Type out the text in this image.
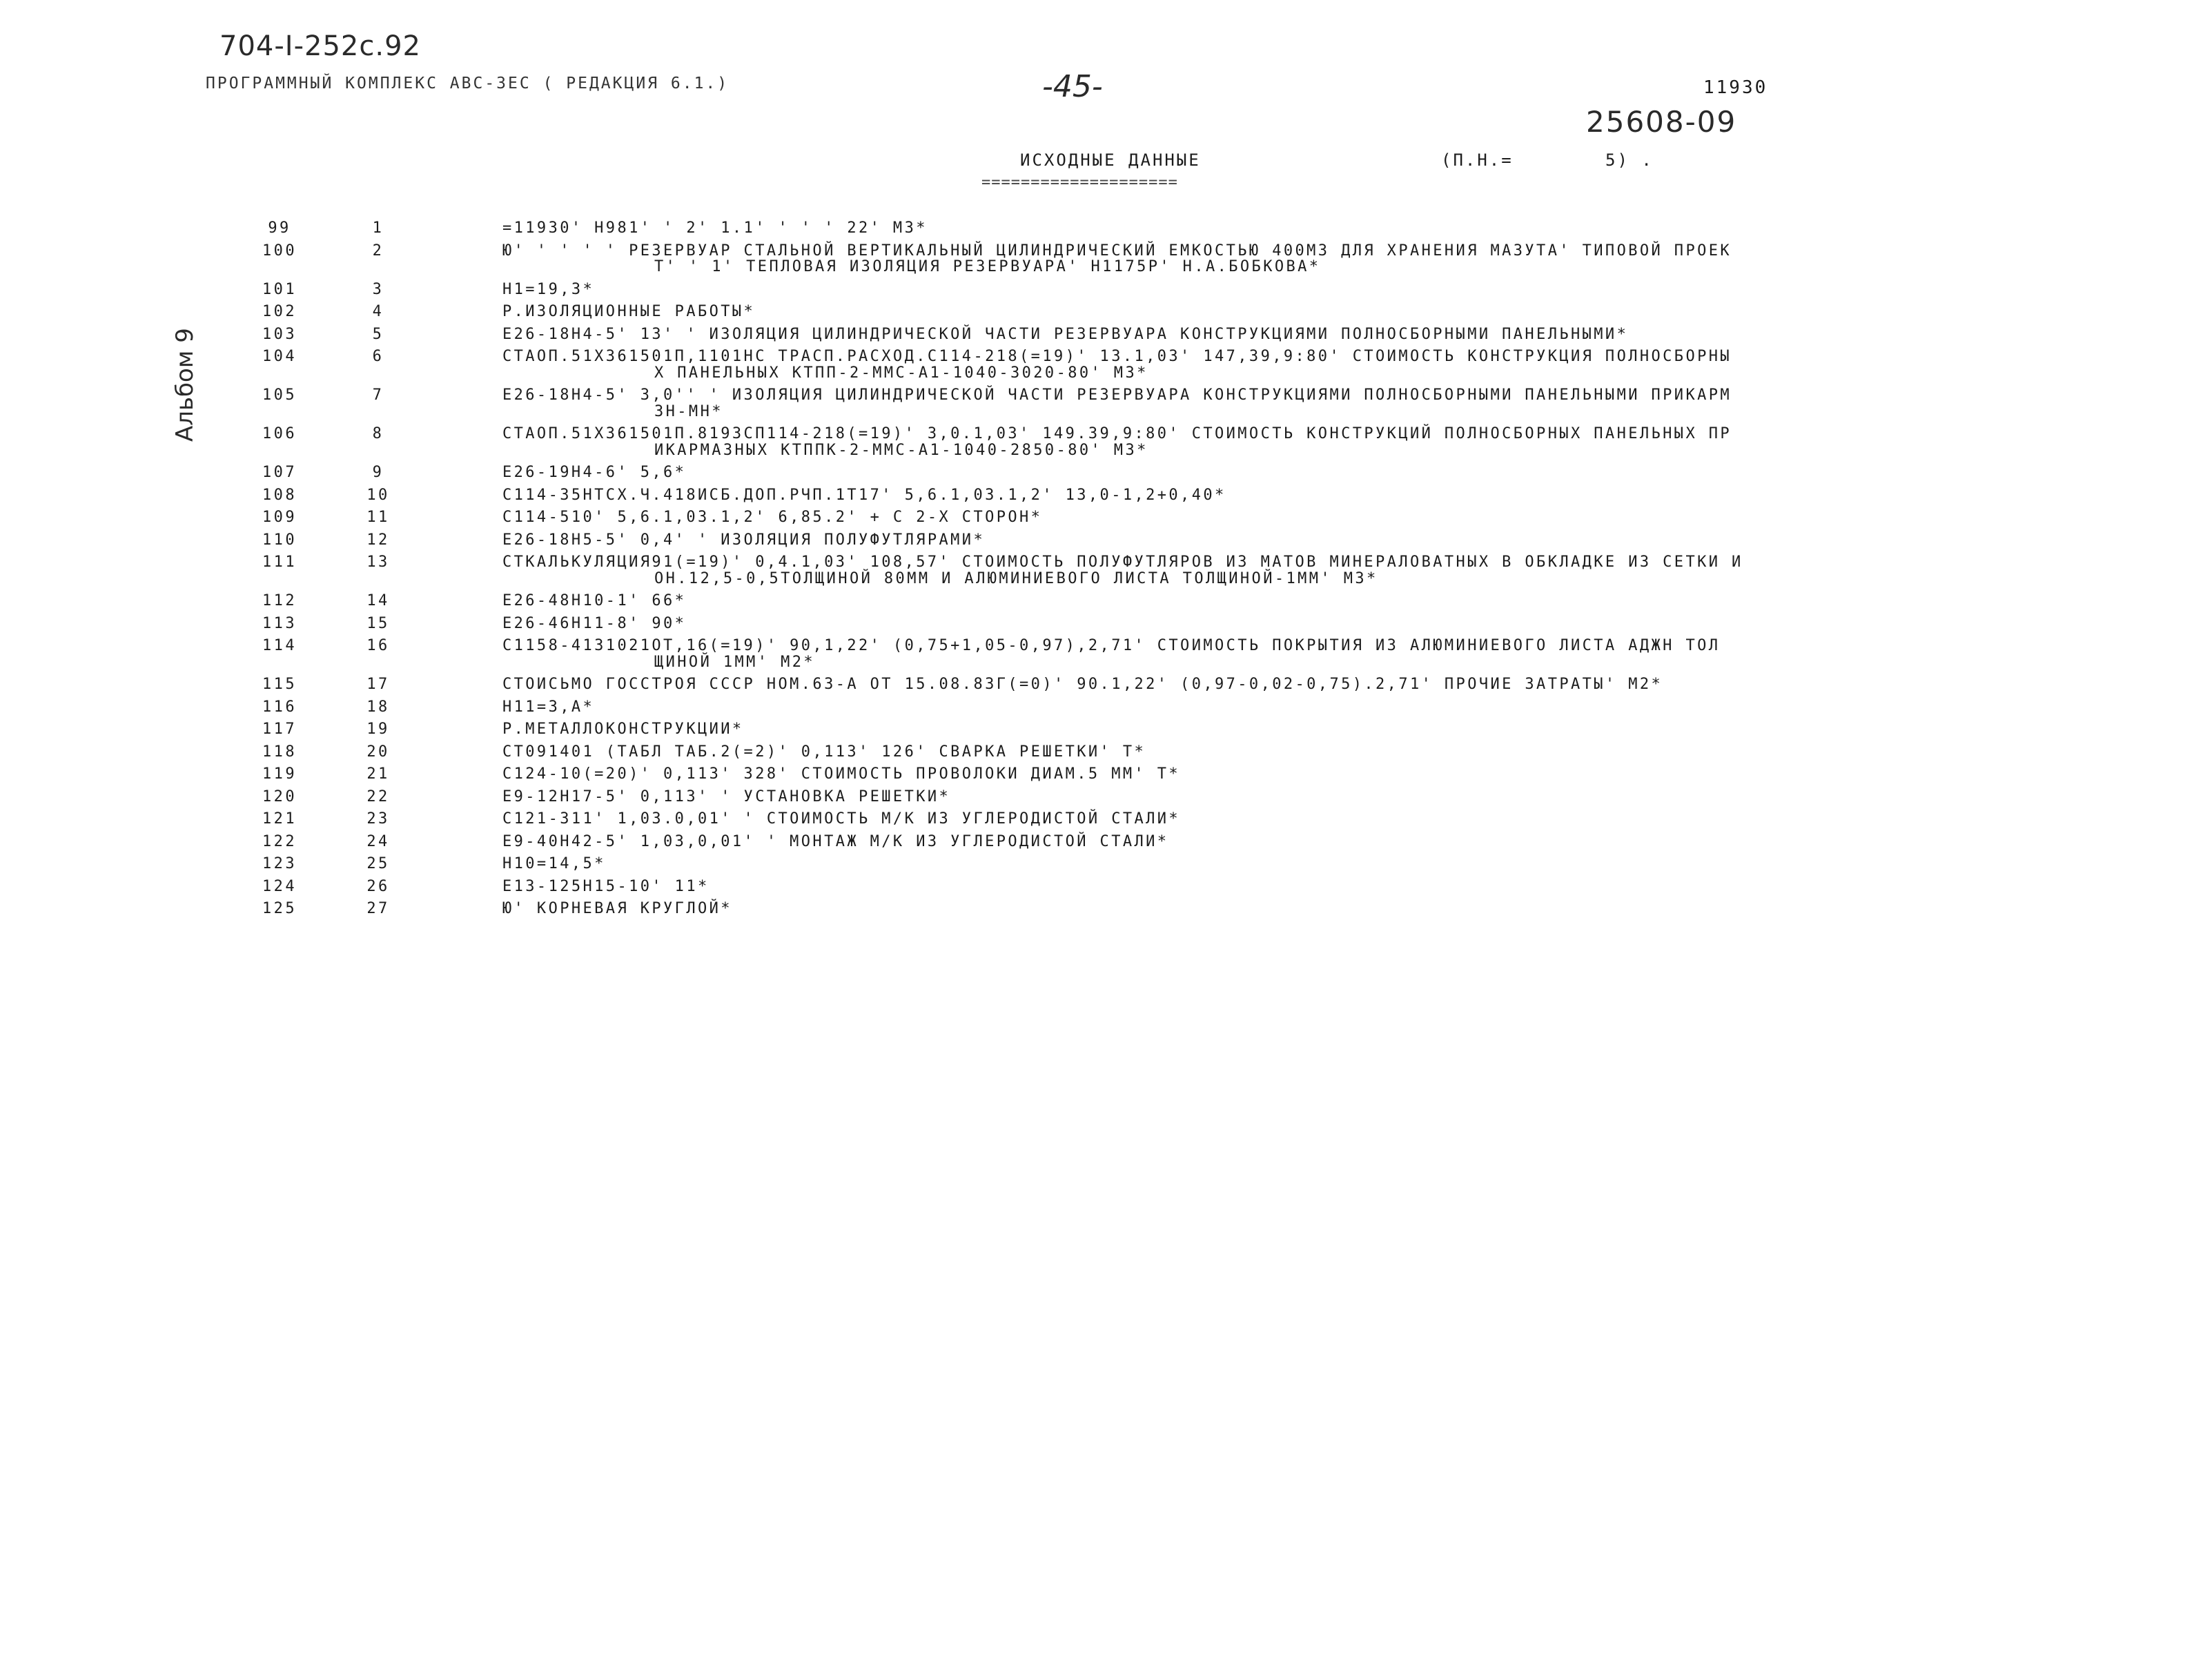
704-I-252с.92
ПРОГРАММНЫЙ КОМПЛЕКС АВС-3ЕС ( РЕДАКЦИЯ 6.1.)	-45-	11930
25608-09
ИСХОДНЫЕ ДАННЫЕ
====================
(П.Н.=	5) .
Альбом 9
99	1	=11930' Н981' ' 2' 1.1' ' ' ' 22' М3*
100	2	Ю' ' ' ' ' РЕЗЕРВУАР СТАЛЬНОЙ ВЕРТИКАЛЬНЫЙ ЦИЛИНДРИЧЕСКИЙ ЕМКОСТЬЮ 400М3 ДЛЯ ХРАНЕНИЯ МАЗУТА' ТИПОВОЙ ПРОЕК
Т' ' 1' ТЕПЛОВАЯ ИЗОЛЯЦИЯ РЕЗЕРВУАРА' Н1175Р' Н.А.БОБКОВА*
101	3	Н1=19,3*
102	4	Р.ИЗОЛЯЦИОННЫЕ РАБОТЫ*
103	5	Е26-18Н4-5' 13' ' ИЗОЛЯЦИЯ ЦИЛИНДРИЧЕСКОЙ ЧАСТИ РЕЗЕРВУАРА КОНСТРУКЦИЯМИ ПОЛНОСБОРНЫМИ ПАНЕЛЬНЫМИ*
104	6	СТАОП.51Х361501П,1101НС ТРАСП.РАСХОД.С114-218(=19)' 13.1,03' 147,39,9:80' СТОИМОСТЬ КОНСТРУКЦИЯ ПОЛНОСБОРНЫ
Х ПАНЕЛЬНЫХ КТПП-2-ММС-А1-1040-3020-80' М3*
105	7	Е26-18Н4-5' 3,0'' ' ИЗОЛЯЦИЯ ЦИЛИНДРИЧЕСКОЙ ЧАСТИ РЕЗЕРВУАРА КОНСТРУКЦИЯМИ ПОЛНОСБОРНЫМИ ПАНЕЛЬНЫМИ ПРИКАРМ
ЗН-МН*
106	8	СТАОП.51Х361501П.8193СП114-218(=19)' 3,0.1,03' 149.39,9:80' СТОИМОСТЬ КОНСТРУКЦИЙ ПОЛНОСБОРНЫХ ПАНЕЛЬНЫХ ПР
ИКАРМАЗНЫХ КТППК-2-ММС-А1-1040-2850-80' М3*
107	9	Е26-19Н4-6' 5,6*
108	10	С114-35НТСХ.Ч.418ИСБ.ДОП.РЧП.1Т17' 5,6.1,03.1,2' 13,0-1,2+0,40*
109	11	С114-510' 5,6.1,03.1,2' 6,85.2' + С 2-Х СТОРОН*
110	12	Е26-18Н5-5' 0,4' ' ИЗОЛЯЦИЯ ПОЛУФУТЛЯРАМИ*
111	13	СТКАЛЬКУЛЯЦИЯ91(=19)' 0,4.1,03' 108,57' СТОИМОСТЬ ПОЛУФУТЛЯРОВ ИЗ МАТОВ МИНЕРАЛОВАТНЫХ В ОБКЛАДКЕ ИЗ СЕТКИ И
ОН.12,5-0,5ТОЛЩИНОЙ 80ММ И АЛЮМИНИЕВОГО ЛИСТА ТОЛЩИНОЙ-1ММ' М3*
112	14	Е26-48Н10-1' 66*
113	15	Е26-46Н11-8' 90*
114	16	С1158-4131021ОТ,16(=19)' 90,1,22' (0,75+1,05-0,97),2,71' СТОИМОСТЬ ПОКРЫТИЯ ИЗ АЛЮМИНИЕВОГО ЛИСТА АДЖН ТОЛ
ЩИНОЙ 1ММ' М2*
115	17	СТОИСЬМО ГОССТРОЯ СССР НОМ.63-А ОТ 15.08.83Г(=0)' 90.1,22' (0,97-0,02-0,75).2,71' ПРОЧИЕ ЗАТРАТЫ' М2*
116	18	Н11=3,А*
117	19	Р.МЕТАЛЛОКОНСТРУКЦИИ*
118	20	СТ091401 (ТАБЛ ТАБ.2(=2)' 0,113' 126' СВАРКА РЕШЕТКИ' Т*
119	21	С124-10(=20)' 0,113' 328' СТОИМОСТЬ ПРОВОЛОКИ ДИАМ.5 ММ' Т*
120	22	Е9-12Н17-5' 0,113' ' УСТАНОВКА РЕШЕТКИ*
121	23	С121-311' 1,03.0,01' ' СТОИМОСТЬ М/К ИЗ УГЛЕРОДИСТОЙ СТАЛИ*
122	24	Е9-40Н42-5' 1,03,0,01' ' МОНТАЖ М/К ИЗ УГЛЕРОДИСТОЙ СТАЛИ*
123	25	Н10=14,5*
124	26	Е13-125Н15-10' 11*
125	27	Ю' КОРНЕВАЯ КРУГЛОЙ*
